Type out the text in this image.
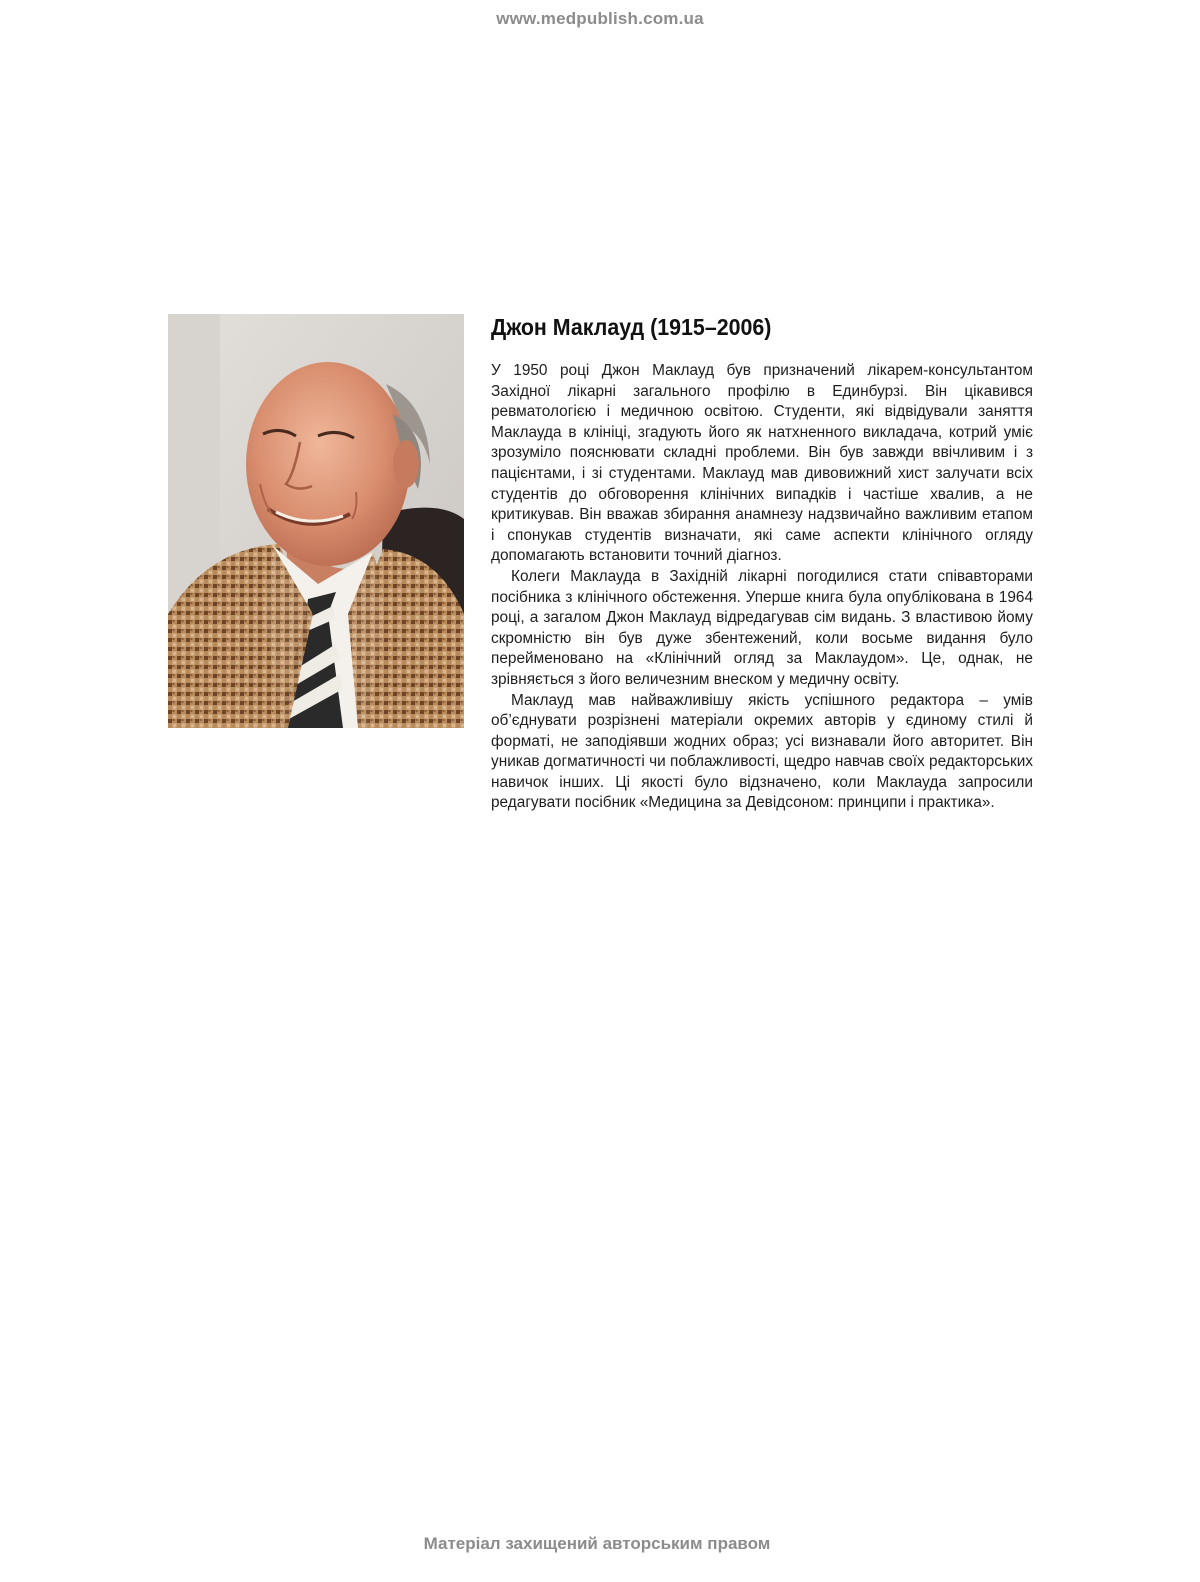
www.medpublish.com.ua
Джон Маклауд (1915–2006)

У 1950 році Джон Маклауд був призначений лікарем-консультантом Західної лікарні загального профілю в Единбурзі. Він цікавився ревматологією і медичною освітою. Студенти, які відвідували заняття Маклауда в клініці, згадують його як натхненного викладача, котрий уміє зрозуміло пояснювати складні проблеми. Він був завжди ввічливим і з пацієнтами, і зі студентами. Маклауд мав дивовижний хист залучати всіх студентів до обговорення клінічних випадків і частіше хвалив, а не критикував. Він вважав збирання анамнезу надзвичайно важливим етапом і спонукав студентів визначати, які саме аспекти клінічного огляду допомагають встановити точний діагноз.

Колеги Маклауда в Західній лікарні погодилися стати співавторами посібника з клінічного обстеження. Уперше книга була опублікована в 1964 році, а загалом Джон Маклауд відредагував сім видань. З властивою йому скромністю він був дуже збентежений, коли восьме видання було перейменовано на «Клінічний огляд за Маклаудом». Це, однак, не зрівняється з його величезним внеском у медичну освіту.

Маклауд мав найважливішу якість успішного редактора – умів об’єднувати розрізнені матеріали окремих авторів у єдиному стилі й форматі, не заподіявши жодних образ; усі визнавали його авторитет. Він уникав догматичності чи поблажливості, щедро навчав своїх редакторських навичок інших. Ці якості було відзначено, коли Маклауда запросили редагувати посібник «Медицина за Девідсоном: принципи і практика».

Матеріал захищений авторським правом
